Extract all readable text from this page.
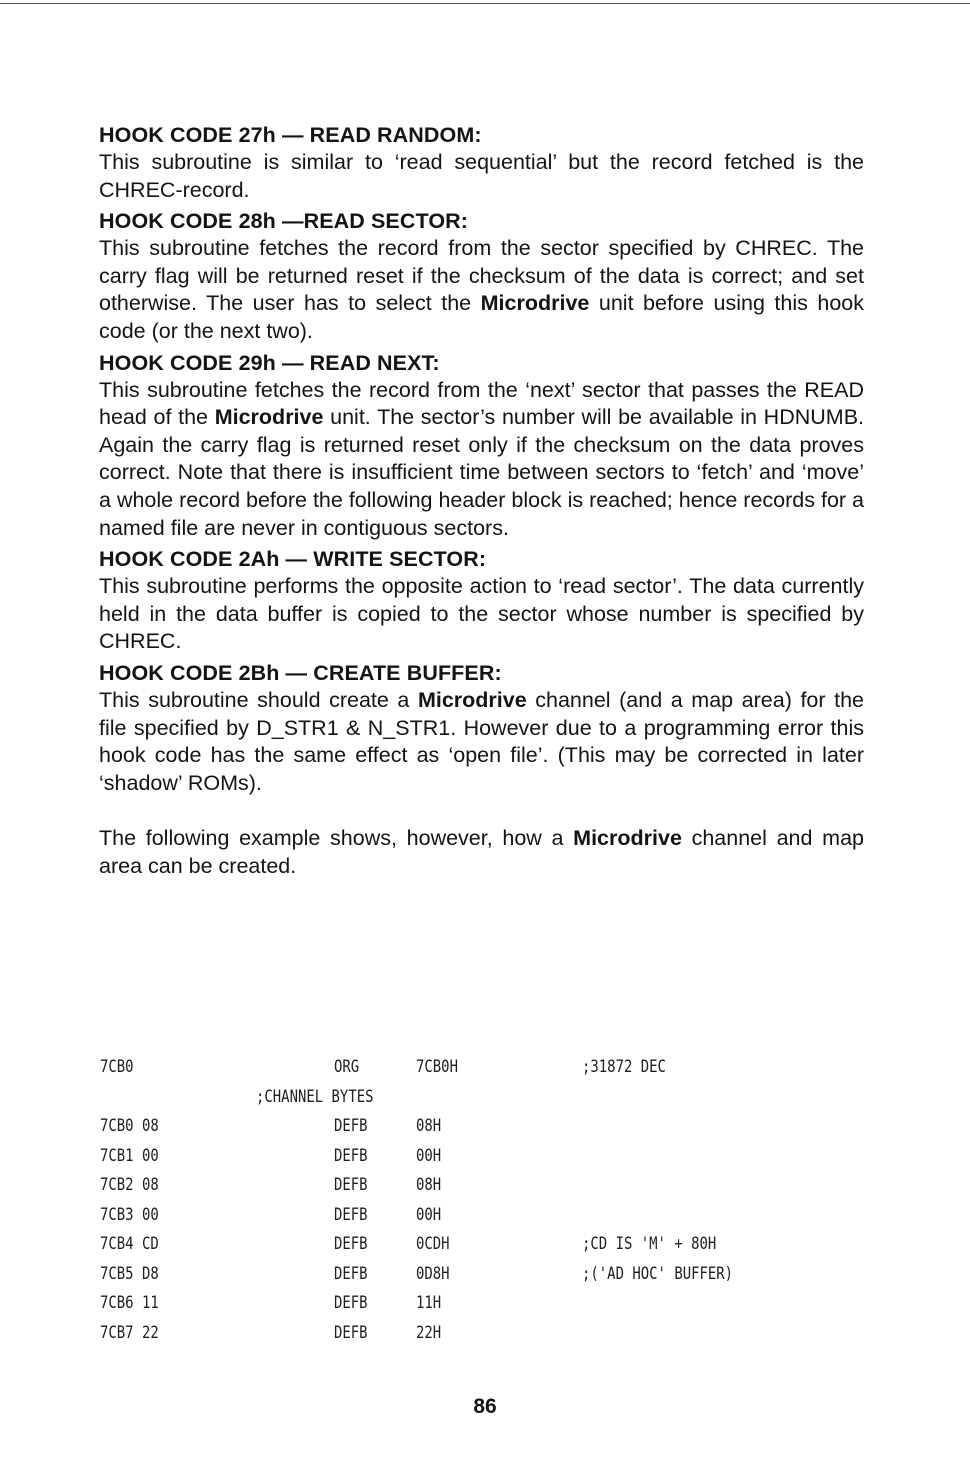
HOOK CODE 27h — READ RANDOM:

This subroutine is similar to ‘read sequential’ but the record fetched is the CHREC-record.

HOOK CODE 28h —READ SECTOR:

This subroutine fetches the record from the sector specified by CHREC. The carry flag will be returned reset if the checksum of the data is correct; and set otherwise. The user has to select the Microdrive unit before using this hook code (or the next two).

HOOK CODE 29h — READ NEXT:

This subroutine fetches the record from the ‘next’ sector that passes the READ head of the Microdrive unit. The sector’s number will be available in HDNUMB. Again the carry flag is returned reset only if the checksum on the data proves correct. Note that there is insufficient time between sectors to ‘fetch’ and ‘move’ a whole record before the following header block is reached; hence records for a named file are never in contiguous sectors.

HOOK CODE 2Ah — WRITE SECTOR:

This subroutine performs the opposite action to ‘read sector’. The data currently held in the data buffer is copied to the sector whose number is specified by CHREC.

HOOK CODE 2Bh — CREATE BUFFER:

This subroutine should create a Microdrive channel (and a map area) for the file specified by D_STR1 & N_STR1. However due to a programming error this hook code has the same effect as ‘open file’. (This may be corrected in later ‘shadow’ ROMs).

The following example shows, however, how a Microdrive channel and map area can be created.

7CB0	ORG	7CB0H	;31872 DEC
;CHANNEL BYTES
7CB0 08	DEFB	08H
7CB1 00	DEFB	00H
7CB2 08	DEFB	08H
7CB3 00	DEFB	00H
7CB4 CD	DEFB	0CDH	;CD IS 'M' + 80H
7CB5 D8	DEFB	0D8H	;('AD HOC' BUFFER)
7CB6 11	DEFB	11H
7CB7 22	DEFB	22H
86
